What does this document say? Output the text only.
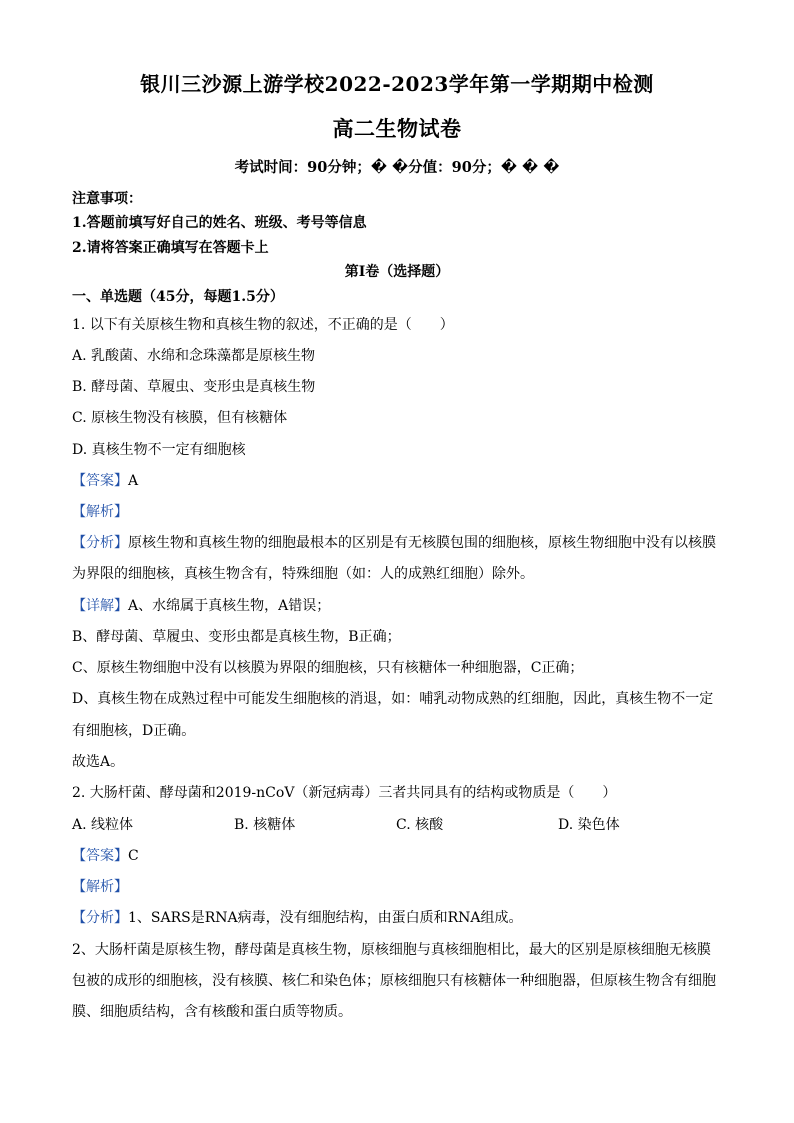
银川三沙源上游学校2022-2023学年第一学期期中检测
高二生物试卷
考试时间：90分钟；� �分值：90分；� � �
注意事项：
1.答题前填写好自己的姓名、班级、考号等信息
2.请将答案正确填写在答题卡上
第Ⅰ卷（选择题）
一、单选题（45分，每题1.5分）
1. 以下有关原核生物和真核生物的叙述，不正确的是（　　）
A. 乳酸菌、水绵和念珠藻都是原核生物
B. 酵母菌、草履虫、变形虫是真核生物
C. 原核生物没有核膜，但有核糖体
D. 真核生物不一定有细胞核
【答案】A
【解析】
【分析】原核生物和真核生物的细胞最根本的区别是有无核膜包围的细胞核，原核生物细胞中没有以核膜
为界限的细胞核，真核生物含有，特殊细胞（如：人的成熟红细胞）除外。
【详解】A、水绵属于真核生物，A错误；
B、酵母菌、草履虫、变形虫都是真核生物，B正确；
C、原核生物细胞中没有以核膜为界限的细胞核，只有核糖体一种细胞器，C正确；
D、真核生物在成熟过程中可能发生细胞核的消退，如：哺乳动物成熟的红细胞，因此，真核生物不一定
有细胞核，D正确。
故选A。
2. 大肠杆菌、酵母菌和2019-nCoV（新冠病毒）三者共同具有的结构或物质是（　　）
A. 线粒体	B. 核糖体	C. 核酸	D. 染色体
【答案】C
【解析】
【分析】1、SARS是RNA病毒，没有细胞结构，由蛋白质和RNA组成。
2、大肠杆菌是原核生物，酵母菌是真核生物，原核细胞与真核细胞相比，最大的区别是原核细胞无核膜
包被的成形的细胞核，没有核膜、核仁和染色体；原核细胞只有核糖体一种细胞器，但原核生物含有细胞
膜、细胞质结构，含有核酸和蛋白质等物质。
